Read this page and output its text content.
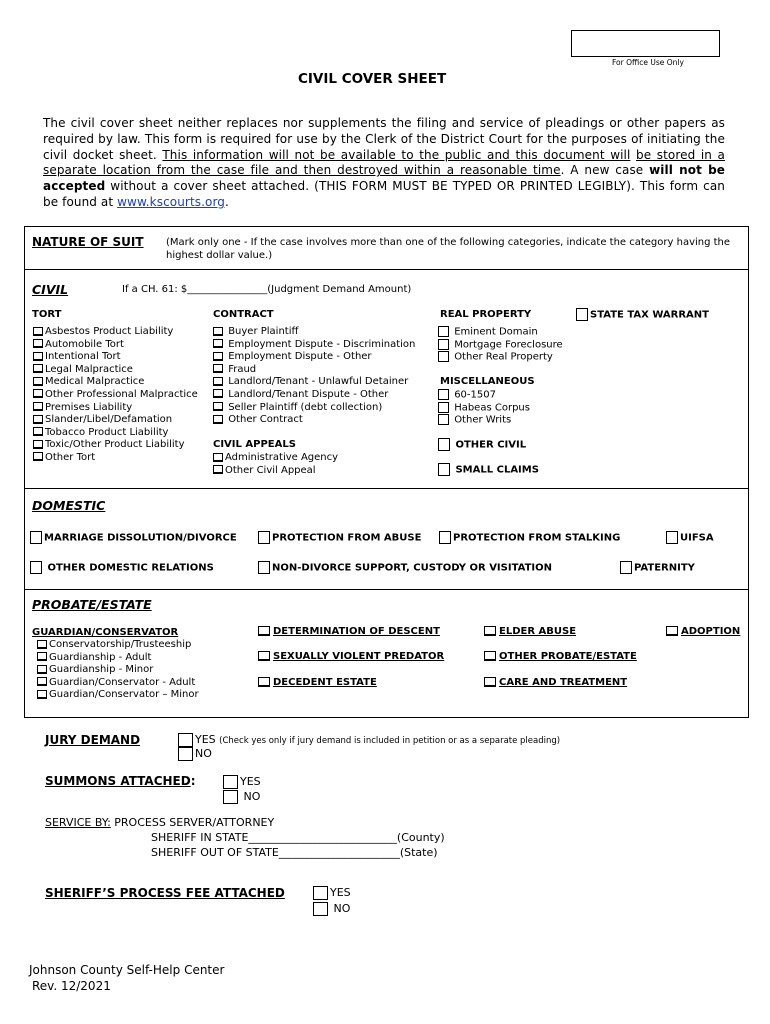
For Office Use Only
CIVIL COVER SHEET
The civil cover sheet neither replaces nor supplements the filing and service of pleadings or other papers as required by law. This form is required for use by the Clerk of the District Court for the purposes of initiating the civil docket sheet. This information will not be available to the public and this document will be stored in a separate location from the case file and then destroyed within a reasonable time. A new case will not be accepted without a cover sheet attached. (THIS FORM MUST BE TYPED OR PRINTED LEGIBLY). This form can be found at www.kscourts.org.
NATURE OF SUIT (Mark only one - If the case involves more than one of the following categories, indicate the category having the highest dollar value.)
CIVIL	If a CH. 61: $________________(Judgment Demand Amount)
TORT
Asbestos Product Liability
Automobile Tort
Intentional Tort
Legal Malpractice
Medical Malpractice
Other Professional Malpractice
Premises Liability
Slander/Libel/Defamation
Tobacco Product Liability
Toxic/Other Product Liability
Other Tort
CONTRACT
Buyer Plaintiff
Employment Dispute - Discrimination
Employment Dispute - Other
Fraud
Landlord/Tenant - Unlawful Detainer
Landlord/Tenant Dispute - Other
Seller Plaintiff (debt collection)
Other Contract
CIVIL APPEALS
Administrative Agency
Other Civil Appeal
REAL PROPERTY
Eminent Domain
Mortgage Foreclosure
Other Real Property
STATE TAX WARRANT
MISCELLANEOUS
60-1507
Habeas Corpus
Other Writs
OTHER CIVIL
SMALL CLAIMS
DOMESTIC
MARRIAGE DISSOLUTION/DIVORCE	PROTECTION FROM ABUSE	PROTECTION FROM STALKING	UIFSA
OTHER DOMESTIC RELATIONS	NON-DIVORCE SUPPORT, CUSTODY OR VISITATION	PATERNITY
PROBATE/ESTATE
GUARDIAN/CONSERVATOR
Conservatorship/Trusteeship
Guardianship - Adult
Guardianship - Minor
Guardian/Conservator - Adult
Guardian/Conservator – Minor
DETERMINATION OF DESCENT
SEXUALLY VIOLENT PREDATOR
DECEDENT ESTATE
ELDER ABUSE
OTHER PROBATE/ESTATE
CARE AND TREATMENT
ADOPTION
JURY DEMAND	YES (Check yes only if jury demand is included in petition or as a separate pleading)
NO
SUMMONS ATTACHED:	YES
NO
SERVICE BY: PROCESS SERVER/ATTORNEY
SHERIFF IN STATE___________________________(County)
SHERIFF OUT OF STATE______________________(State)
SHERIFF’S PROCESS FEE ATTACHED	YES
NO
Johnson County Self-Help Center
Rev. 12/2021
